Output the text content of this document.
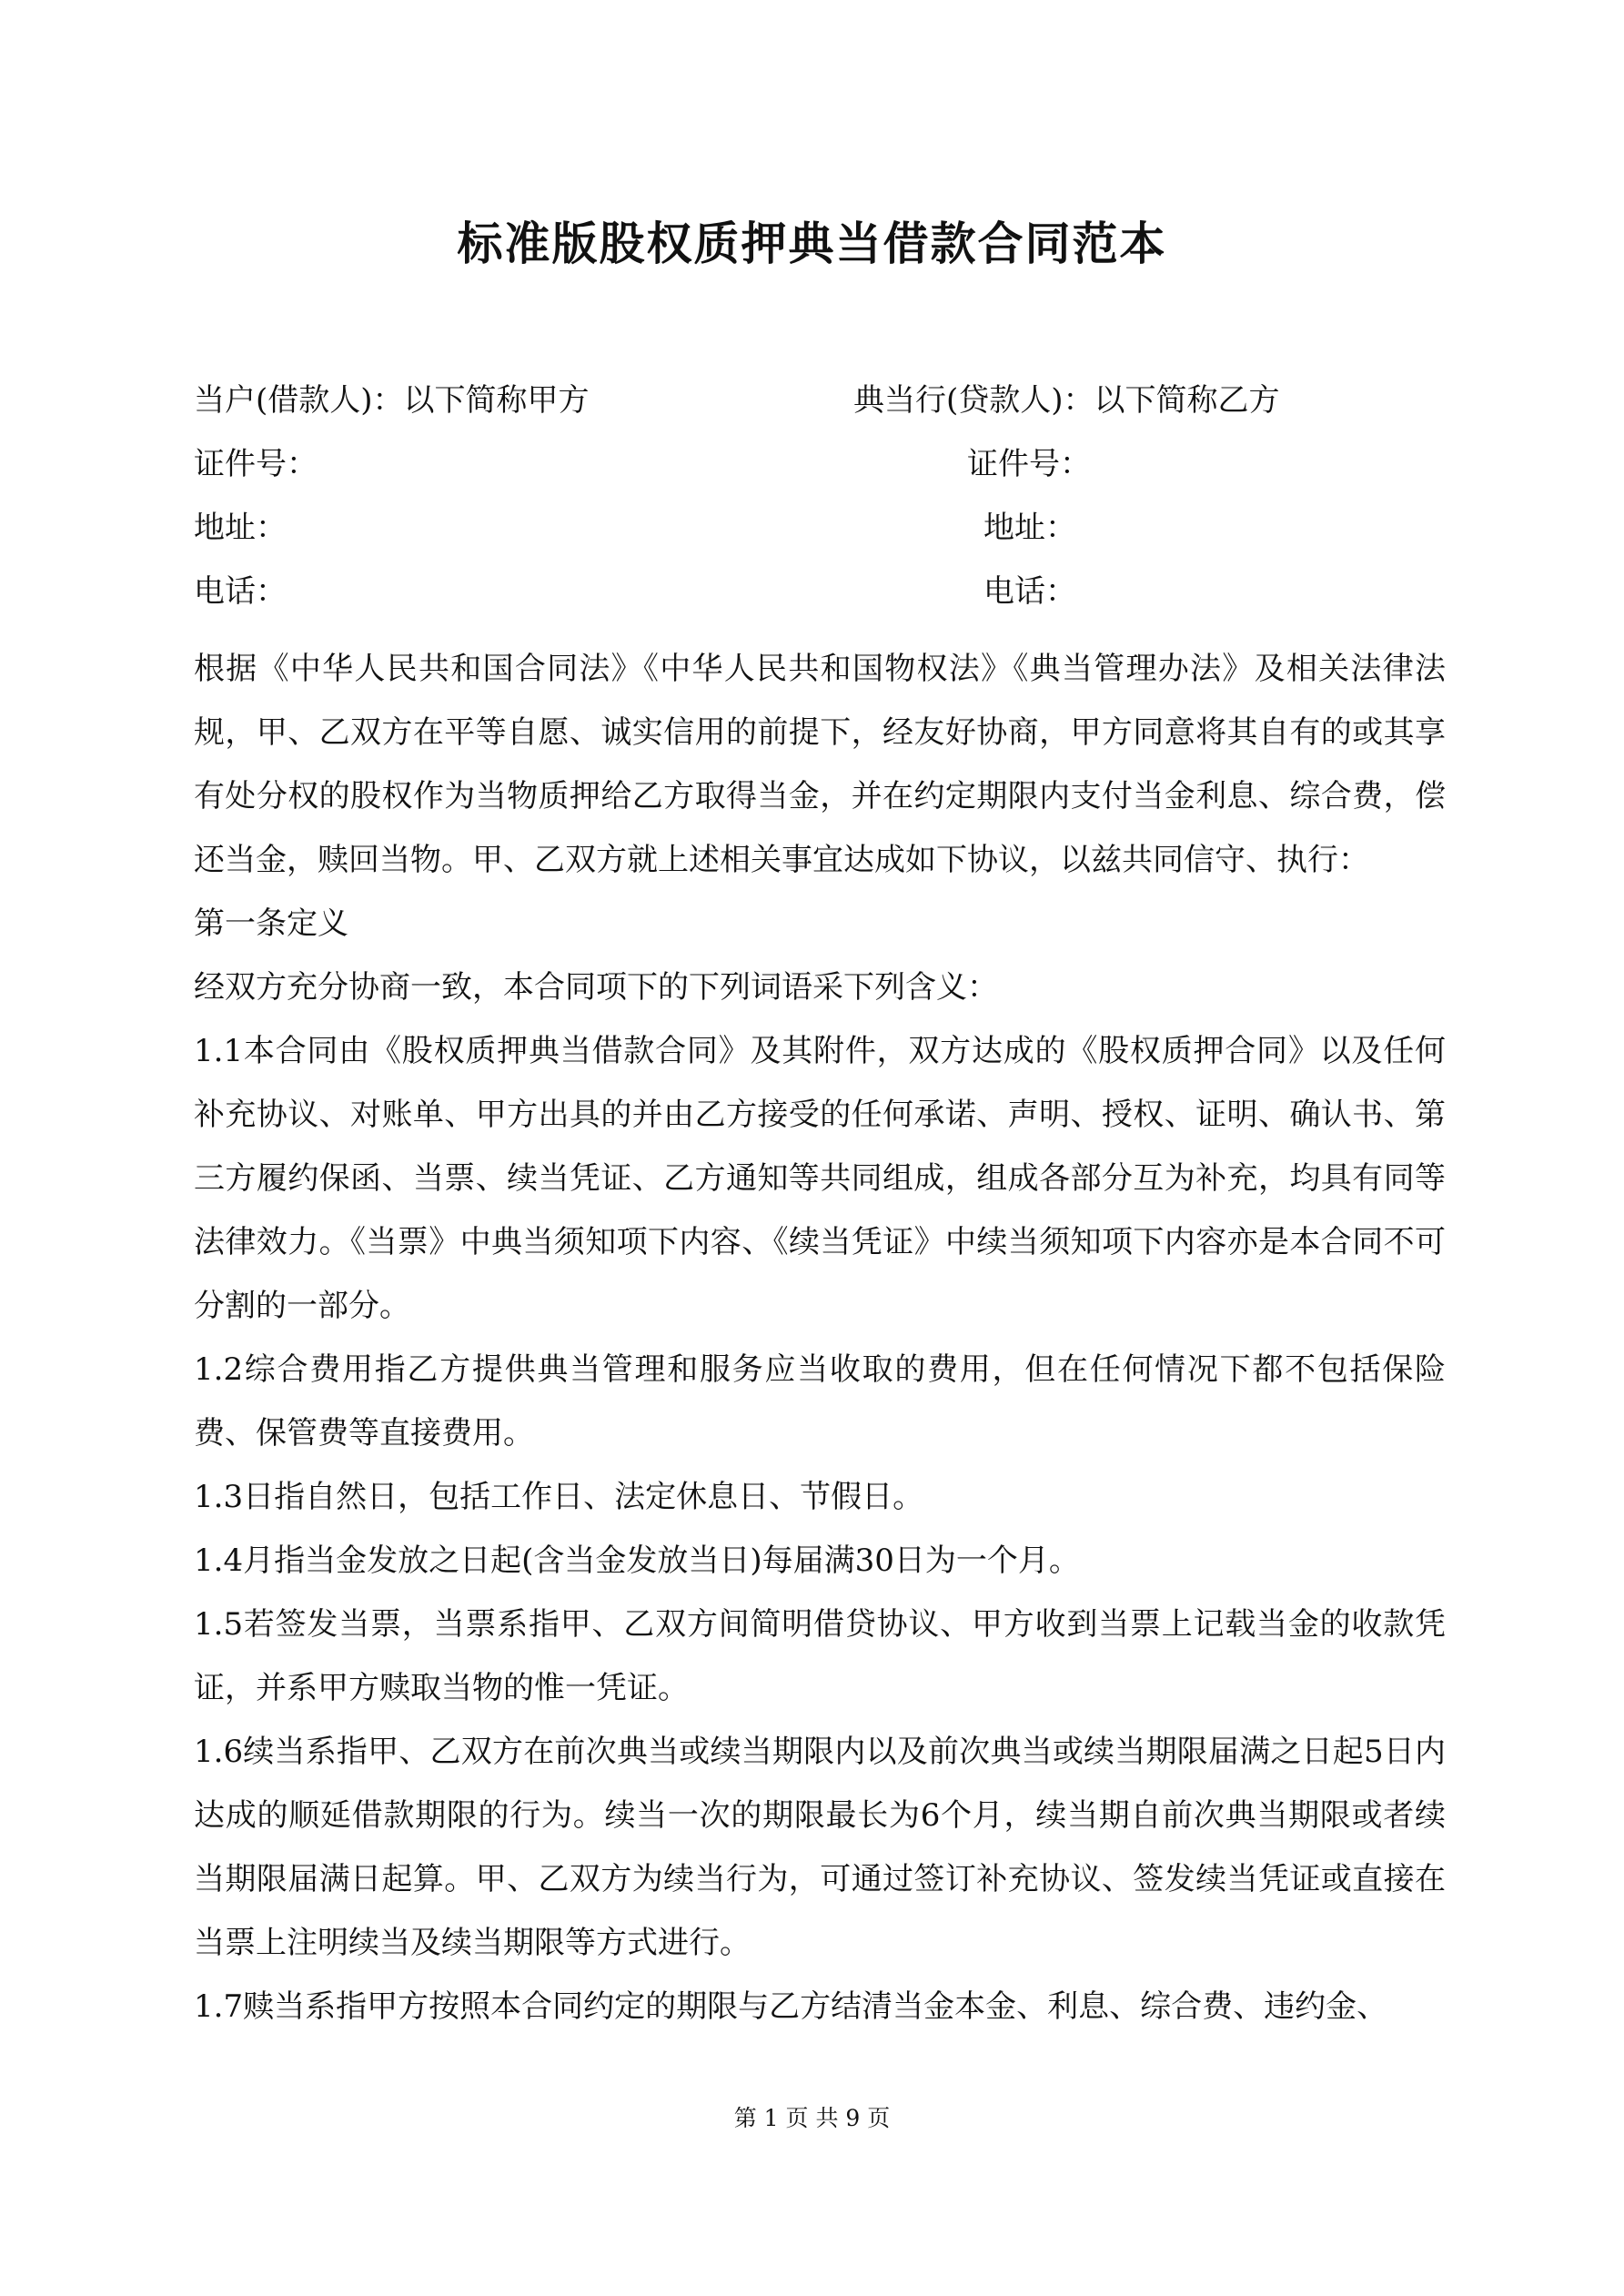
标准版股权质押典当借款合同范本
当户(借款人)：以下简称甲方	典当行(贷款人)：以下简称乙方
证件号：	证件号：
地址：	地址：
电话：	电话：

根据《中华人民共和国合同法》《中华人民共和国物权法》《典当管理办法》及相关法律法规，甲、乙双方在平等自愿、诚实信用的前提下，经友好协商，甲方同意将其自有的或其享有处分权的股权作为当物质押给乙方取得当金，并在约定期限内支付当金利息、综合费，偿还当金，赎回当物。甲、乙双方就上述相关事宜达成如下协议，以兹共同信守、执行：

第一条定义

经双方充分协商一致，本合同项下的下列词语采下列含义：

1.1本合同由《股权质押典当借款合同》及其附件，双方达成的《股权质押合同》以及任何补充协议、对账单、甲方出具的并由乙方接受的任何承诺、声明、授权、证明、确认书、第三方履约保函、当票、续当凭证、乙方通知等共同组成，组成各部分互为补充，均具有同等法律效力。《当票》中典当须知项下内容、《续当凭证》中续当须知项下内容亦是本合同不可分割的一部分。

1.2综合费用指乙方提供典当管理和服务应当收取的费用，但在任何情况下都不包括保险费、保管费等直接费用。

1.3日指自然日，包括工作日、法定休息日、节假日。

1.4月指当金发放之日起(含当金发放当日)每届满30日为一个月。

1.5若签发当票，当票系指甲、乙双方间简明借贷协议、甲方收到当票上记载当金的收款凭证，并系甲方赎取当物的惟一凭证。

1.6续当系指甲、乙双方在前次典当或续当期限内以及前次典当或续当期限届满之日起5日内达成的顺延借款期限的行为。续当一次的期限最长为6个月，续当期自前次典当期限或者续当期限届满日起算。甲、乙双方为续当行为，可通过签订补充协议、签发续当凭证或直接在当票上注明续当及续当期限等方式进行。

1.7赎当系指甲方按照本合同约定的期限与乙方结清当金本金、利息、综合费、违约金、

第 1 页 共 9 页
